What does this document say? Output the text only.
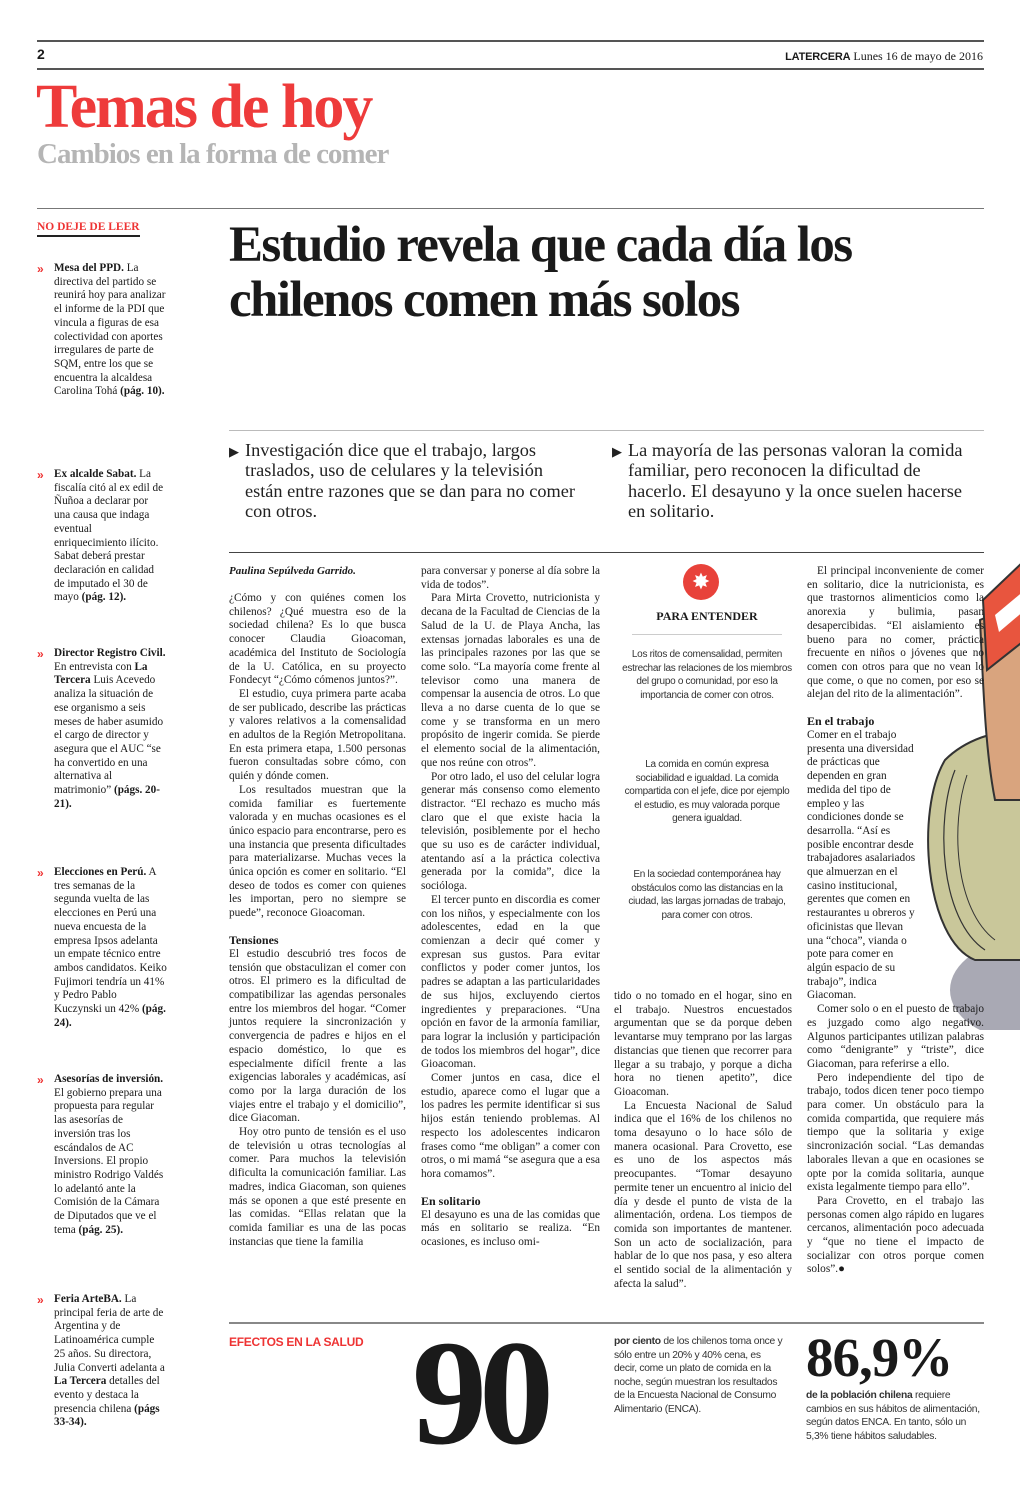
2	LATERCERA Lunes 16 de mayo de 2016
Temas de hoy
Cambios en la forma de comer
NO DEJE DE LEER
» Mesa del PPD. La directiva del partido se reunirá hoy para analizar el informe de la PDI que vincula a figuras de esa colectividad con aportes irregulares de parte de SQM, entre los que se encuentra la alcaldesa Carolina Tohá (pág. 10).
» Ex alcalde Sabat. La fiscalía citó al ex edil de Ñuñoa a declarar por una causa que indaga eventual enriquecimiento ilícito. Sabat deberá prestar declaración en calidad de imputado el 30 de mayo (pág. 12).
» Director Registro Civil. En entrevista con La Tercera Luis Acevedo analiza la situación de ese organismo a seis meses de haber asumido el cargo de director y asegura que el AUC “se ha convertido en una alternativa al matrimonio” (págs. 20-21).
» Elecciones en Perú. A tres semanas de la segunda vuelta de las elecciones en Perú una nueva encuesta de la empresa Ipsos adelanta un empate técnico entre ambos candidatos. Keiko Fujimori tendría un 41% y Pedro Pablo Kuczynski un 42% (pág. 24).
» Asesorías de inversión. El gobierno prepara una propuesta para regular las asesorías de inversión tras los escándalos de AC Inversions. El propio ministro Rodrigo Valdés lo adelantó ante la Comisión de la Cámara de Diputados que ve el tema (pág. 25).
» Feria ArteBA. La principal feria de arte de Argentina y de Latinoamérica cumple 25 años. Su directora, Julia Converti adelanta a La Tercera detalles del evento y destaca la presencia chilena (págs 33-34).
Estudio revela que cada día los chilenos comen más solos
▶ Investigación dice que el trabajo, largos traslados, uso de celulares y la televisión están entre razones que se dan para no comer con otros.
▶ La mayoría de las personas valoran la comida familiar, pero reconocen la dificultad de hacerlo. El desayuno y la once suelen hacerse en solitario.
Paulina Sepúlveda Garrido.

¿Cómo y con quiénes comen los chilenos? ¿Qué muestra eso de la sociedad chilena? Es lo que busca conocer Claudia Gioacoman, académica del Instituto de Sociología de la U. Católica, en su proyecto Fondecyt “¿Cómo cómenos juntos?”.

El estudio, cuya primera parte acaba de ser publicado, describe las prácticas y valores relativos a la comensalidad en adultos de la Región Metropolitana. En esta primera etapa, 1.500 personas fueron consultadas sobre cómo, con quién y dónde comen.

Los resultados muestran que la comida familiar es fuertemente valorada y en muchas ocasiones es el único espacio para encontrarse, pero es una instancia que presenta dificultades para materializarse. Muchas veces la única opción es comer en solitario. “El deseo de todos es comer con quienes les importan, pero no siempre se puede”, reconoce Gioacoman.

Tensiones

El estudio descubrió tres focos de tensión que obstaculizan el comer con otros. El primero es la dificultad de compatibilizar las agendas personales entre los miembros del hogar. “Comer juntos requiere la sincronización y convergencia de padres e hijos en el espacio doméstico, lo que es especialmente difícil frente a las exigencias laborales y académicas, así como por la larga duración de los viajes entre el trabajo y el domicilio”, dice Giacoman.

Hoy otro punto de tensión es el uso de televisión u otras tecnologías al comer. Para muchos la televisión dificulta la comunicación familiar. Las madres, indica Giacoman, son quienes más se oponen a que esté presente en las comidas. “Ellas relatan que la comida familiar es una de las pocas instancias que tiene la familia

para conversar y ponerse al día sobre la vida de todos”.

Para Mirta Crovetto, nutricionista y decana de la Facultad de Ciencias de la Salud de la U. de Playa Ancha, las extensas jornadas laborales es una de las principales razones por las que se come solo. “La mayoría come frente al televisor como una manera de compensar la ausencia de otros. Lo que lleva a no darse cuenta de lo que se come y se transforma en un mero propósito de ingerir comida. Se pierde el elemento social de la alimentación, que nos reúne con otros”.

Por otro lado, el uso del celular logra generar más consenso como elemento distractor. “El rechazo es mucho más claro que el que existe hacia la televisión, posiblemente por el hecho que su uso es de carácter individual, atentando así a la práctica colectiva generada por la comida”, dice la socióloga.

El tercer punto en discordia es comer con los niños, y especialmente con los adolescentes, edad en la que comienzan a decir qué comer y expresan sus gustos. Para evitar conflictos y poder comer juntos, los padres se adaptan a las particularidades de sus hijos, excluyendo ciertos ingredientes y preparaciones. “Una opción en favor de la armonía familiar, para lograr la inclusión y participación de todos los miembros del hogar”, dice Gioacoman.

Comer juntos en casa, dice el estudio, aparece como el lugar que a los padres les permite identificar si sus hijos están teniendo problemas. Al respecto los adolescentes indicaron frases como “me obligan” a comer con otros, o mi mamá “se asegura que a esa hora comamos”.

En solitario

El desayuno es una de las comidas que más en solitario se realiza. “En ocasiones, es incluso omi-

✸
PARA ENTENDER
Los ritos de comensalidad, permiten estrechar las relaciones de los miembros del grupo o comunidad, por eso la importancia de comer con otros.
La comida en común expresa sociabilidad e igualdad. La comida compartida con el jefe, dice por ejemplo el estudio, es muy valorada porque genera igualdad.
En la sociedad contemporánea hay obstáculos como las distancias en la ciudad, las largas jornadas de trabajo, para comer con otros.

tido o no tomado en el hogar, sino en el trabajo. Nuestros encuestados argumentan que se da porque deben levantarse muy temprano por las largas distancias que tienen que recorrer para llegar a su trabajo, y porque a dicha hora no tienen apetito”, dice Gioacoman.

La Encuesta Nacional de Salud indica que el 16% de los chilenos no toma desayuno o lo hace sólo de manera ocasional. Para Crovetto, ese es uno de los aspectos más preocupantes. “Tomar desayuno permite tener un encuentro al inicio del día y desde el punto de vista de la alimentación, ordena. Los tiempos de comida son importantes de mantener. Son un acto de socialización, para hablar de lo que nos pasa, y eso altera el sentido social de la alimentación y afecta la salud”.

El principal inconveniente de comer en solitario, dice la nutricionista, es que trastornos alimenticios como la anorexia y bulimia, pasan desapercibidas. “El aislamiento es bueno para no comer, práctica frecuente en niños o jóvenes que no comen con otros para que no vean lo que come, o que no comen, por eso se alejan del rito de la alimentación”.

En el trabajo

Comer en el trabajo presenta una diversidad de prácticas que dependen en gran medida del tipo de empleo y las condiciones donde se desarrolla. “Así es posible encontrar desde trabajadores asalariados que almuerzan en el casino institucional, gerentes que comen en restaurantes u obreros y oficinistas que llevan una “choca”, vianda o pote para comer en algún espacio de su trabajo”, indica Giacoman.

Comer solo o en el puesto de trabajo es juzgado como algo negativo. Algunos participantes utilizan palabras como “denigrante” y “triste”, dice Giacoman, para referirse a ello.

Pero independiente del tipo de trabajo, todos dicen tener poco tiempo para comer. Un obstáculo para la comida compartida, que requiere más tiempo que la solitaria y exige sincronización social. “Las demandas laborales llevan a que en ocasiones se opte por la comida solitaria, aunque exista legalmente tiempo para ello”.

Para Crovetto, en el trabajo las personas comen algo rápido en lugares cercanos, alimentación poco adecuada y “que no tiene el impacto de socializar con otros porque comen solos”.●

EFECTOS EN LA SALUD 90	por ciento de los chilenos toma once y sólo entre un 20% y 40% cena, es decir, come un plato de comida en la noche, según muestran los resultados de la Encuesta Nacional de Consumo Alimentario (ENCA).
86,9%
de la población chilena requiere cambios en sus hábitos de alimentación, según datos ENCA. En tanto, sólo un 5,3% tiene hábitos saludables.
